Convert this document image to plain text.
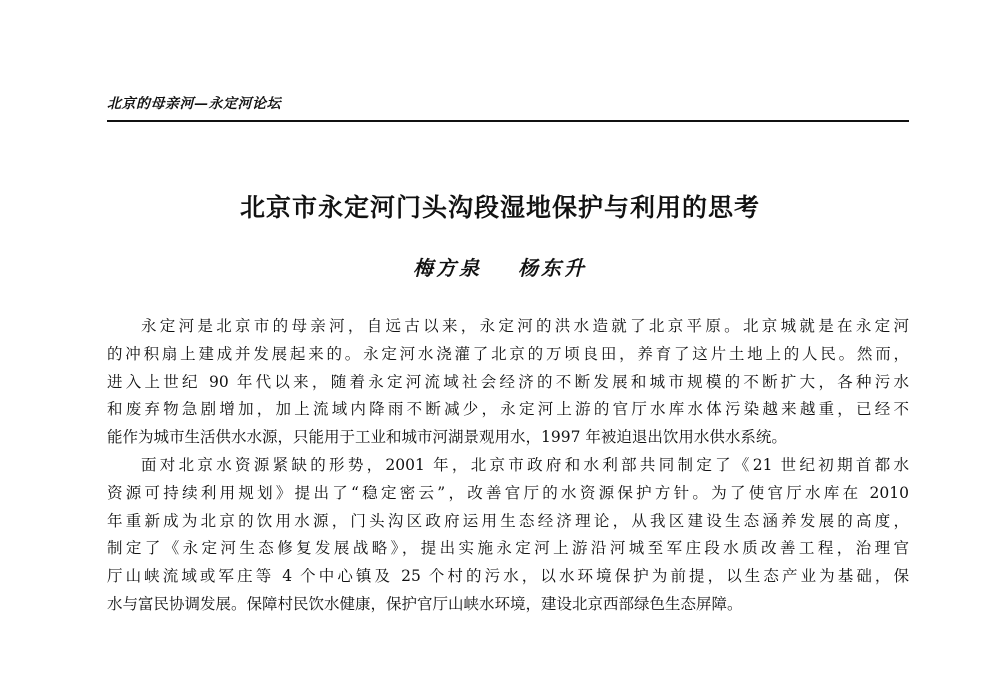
北京的母亲河—永定河论坛
北京市永定河门头沟段湿地保护与利用的思考
梅方泉 杨东升
永定河是北京市的母亲河，自远古以来，永定河的洪水造就了北京平原。北京城就是在永定河
的冲积扇上建成并发展起来的。永定河水浇灌了北京的万顷良田，养育了这片土地上的人民。然而，
进入上世纪 90 年代以来，随着永定河流域社会经济的不断发展和城市规模的不断扩大，各种污水
和废弃物急剧增加，加上流域内降雨不断减少，永定河上游的官厅水库水体污染越来越重，已经不
能作为城市生活供水水源，只能用于工业和城市河湖景观用水，1997 年被迫退出饮用水供水系统。
面对北京水资源紧缺的形势，2001 年，北京市政府和水利部共同制定了《21 世纪初期首都水
资源可持续利用规划》提出了“稳定密云”，改善官厅的水资源保护方针。为了使官厅水库在 2010
年重新成为北京的饮用水源，门头沟区政府运用生态经济理论，从我区建设生态涵养发展的高度，
制定了《永定河生态修复发展战略》，提出实施永定河上游沿河城至军庄段水质改善工程，治理官
厅山峡流域或军庄等 4 个中心镇及 25 个村的污水，以水环境保护为前提，以生态产业为基础，保
水与富民协调发展。保障村民饮水健康，保护官厅山峡水环境，建设北京西部绿色生态屏障。
